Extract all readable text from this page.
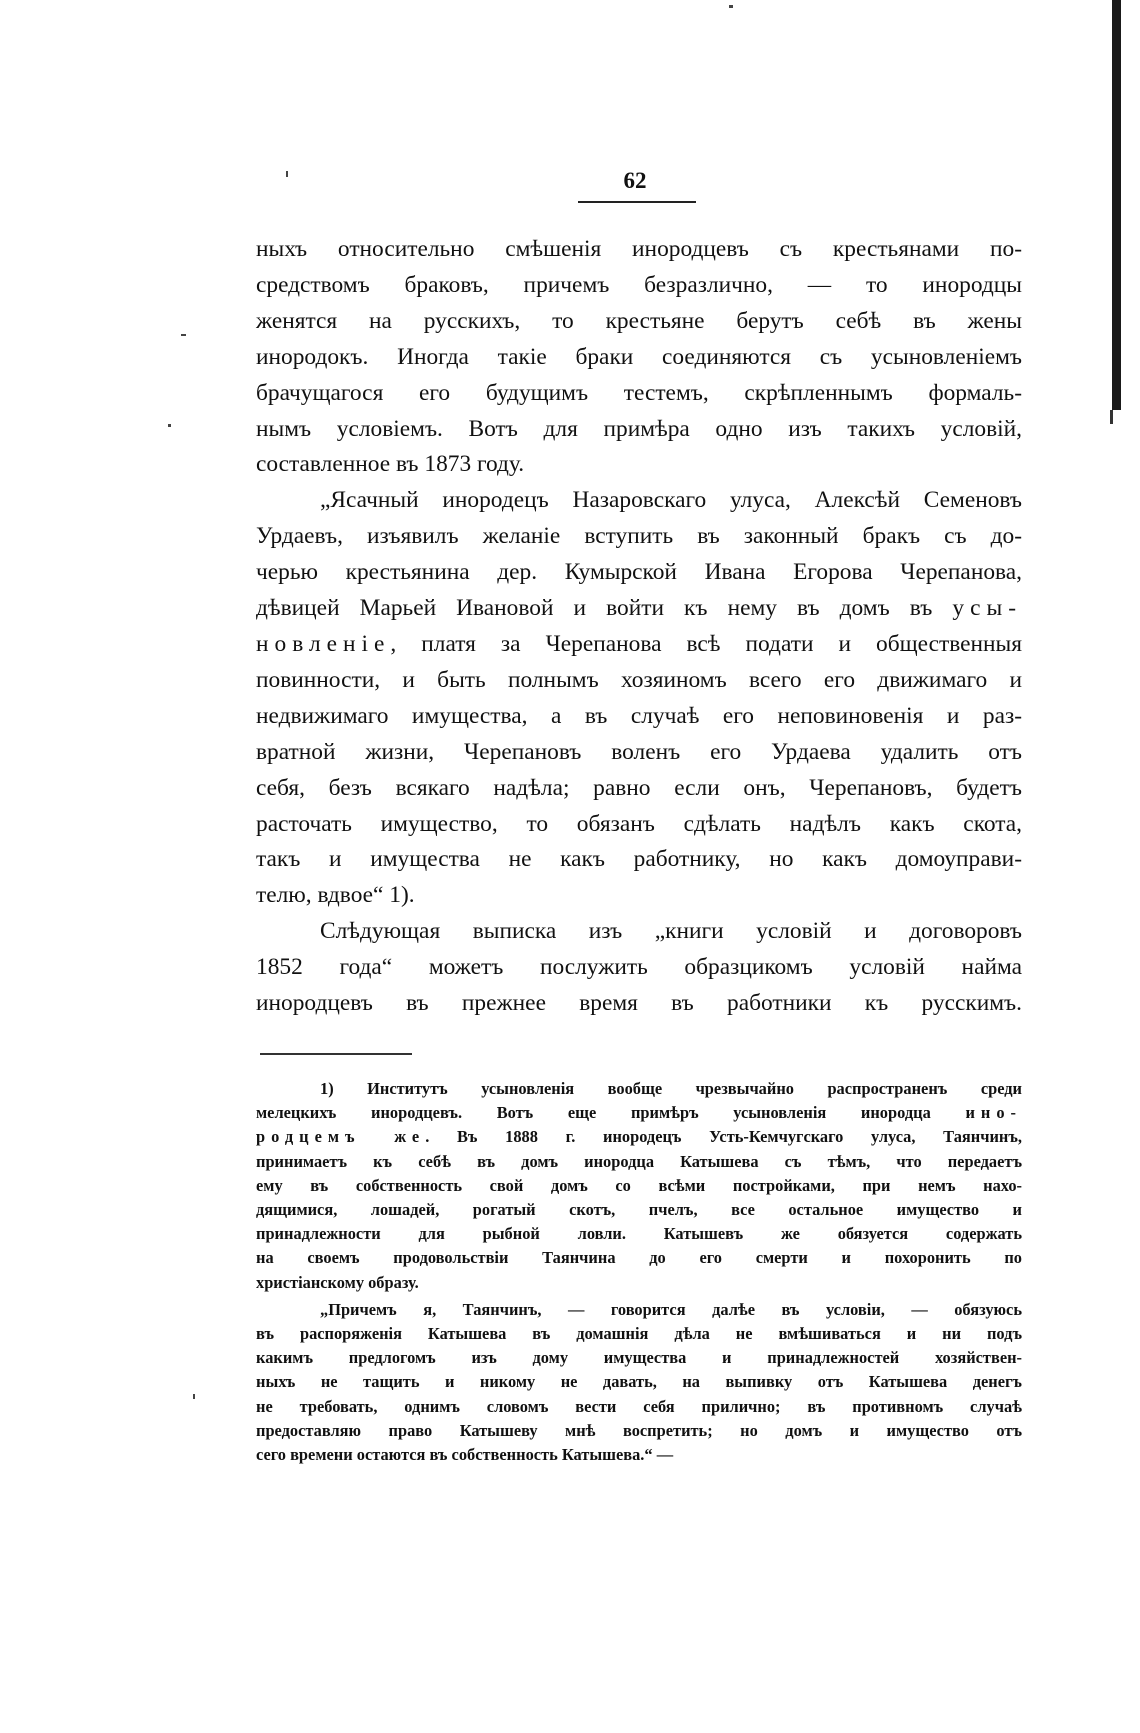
62

ныхъ относительно смѣшенія инородцевъ съ крестьянами по-

средствомъ браковъ, причемъ безразлично, — то инородцы

женятся на русскихъ, то крестьяне берутъ себѣ въ жены

инородокъ. Иногда такіе браки соединяются съ усыновленіемъ

брачущагося его будущимъ тестемъ, скрѣпленнымъ формаль-

нымъ условіемъ. Вотъ для примѣра одно изъ такихъ условій,

составленное въ 1873 году.

„Ясачный инородецъ Назаровскаго улуса, Алексѣй Семеновъ

Урдаевъ, изъявилъ желаніе вступить въ законный бракъ съ до-

черью крестьянина дер. Кумырской Ивана Егорова Черепанова,

дѣвицей Марьей Ивановой и войти къ нему въ домъ въ усы-

новленіе, платя за Черепанова всѣ подати и общественныя

повинности, и быть полнымъ хозяиномъ всего его движимаго и

недвижимаго имущества, а въ случаѣ его неповиновенія и раз-

вратной жизни, Черепановъ воленъ его Урдаева удалить отъ

себя, безъ всякаго надѣла; равно если онъ, Черепановъ, будетъ

расточать имущество, то обязанъ сдѣлать надѣлъ какъ скота,

такъ и имущества не какъ работнику, но какъ домоуправи-

телю, вдвое“ 1).

Слѣдующая выписка изъ „книги условій и договоровъ

1852 года“ можетъ послужить образцикомъ условій найма

инородцевъ въ прежнее время въ работники къ русскимъ.

1) Институтъ усыновленія вообще чрезвычайно распространенъ среди

мелецкихъ инородцевъ. Вотъ еще примѣръ усыновленія инородца ино-

родцемъ же. Въ 1888 г. инородецъ Усть-Кемчугскаго улуса, Таянчинъ,

принимаетъ къ себѣ въ домъ инородца Катышева съ тѣмъ, что передаетъ

ему въ собственность свой домъ со всѣми постройками, при немъ нахо-

дящимися, лошадей, рогатый скотъ, пчелъ, все остальное имущество и

принадлежности для рыбной ловли. Катышевъ же обязуется содержать

на своемъ продовольствіи Таянчина до его смерти и похоронить по

христіанскому образу.

„Причемъ я, Таянчинъ, — говорится далѣе въ условіи, — обязуюсь

въ распоряженія Катышева въ домашнія дѣла не вмѣшиваться и ни подъ

какимъ предлогомъ изъ дому имущества и принадлежностей хозяйствен-

ныхъ не тащить и никому не давать, на выпивку отъ Катышева денегъ

не требовать, однимъ словомъ вести себя прилично; въ противномъ случаѣ

предоставляю право Катышеву мнѣ воспретить; но домъ и имущество отъ

сего времени остаются въ собственность Катышева.“ —
